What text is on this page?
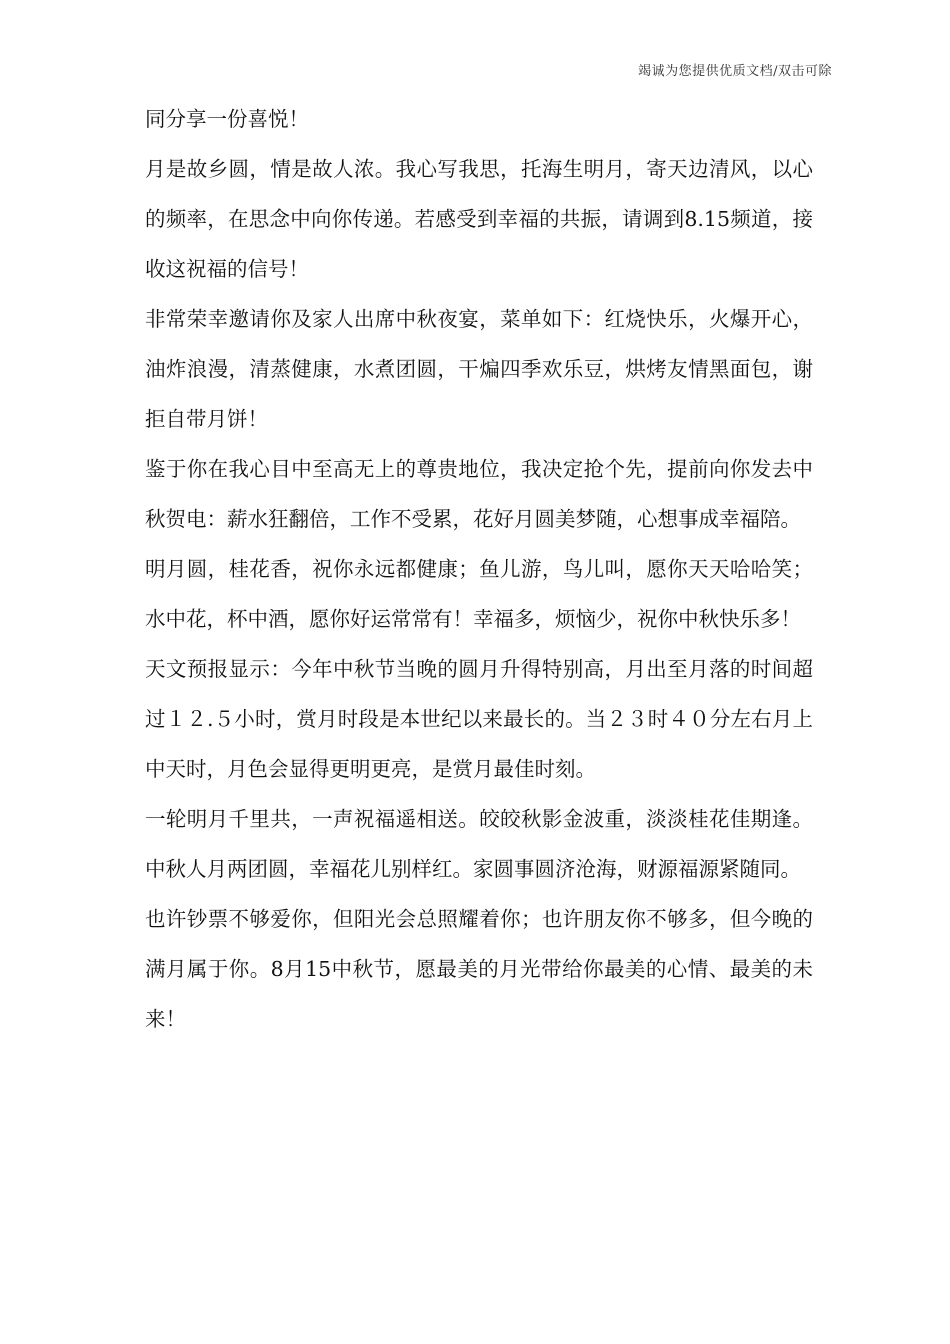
竭诚为您提供优质文档/双击可除

同分享一份喜悦！

月是故乡圆，情是故人浓。我心写我思，托海生明月，寄天边清风，以心的频率，在思念中向你传递。若感受到幸福的共振，请调到8.15频道，接收这祝福的信号！

非常荣幸邀请你及家人出席中秋夜宴，菜单如下：红烧快乐，火爆开心，油炸浪漫，清蒸健康，水煮团圆，干煸四季欢乐豆，烘烤友情黑面包，谢拒自带月饼！

鉴于你在我心目中至高无上的尊贵地位，我决定抢个先，提前向你发去中秋贺电：薪水狂翻倍，工作不受累，花好月圆美梦随，心想事成幸福陪。

明月圆，桂花香，祝你永远都健康；鱼儿游，鸟儿叫，愿你天天哈哈笑；水中花，杯中酒，愿你好运常常有！幸福多，烦恼少，祝你中秋快乐多！

天文预报显示：今年中秋节当晚的圆月升得特别高，月出至月落的时间超过１２.５小时，赏月时段是本世纪以来最长的。当２３时４０分左右月上中天时，月色会显得更明更亮，是赏月最佳时刻。

一轮明月千里共，一声祝福遥相送。皎皎秋影金波重，淡淡桂花佳期逢。中秋人月两团圆，幸福花儿别样红。家圆事圆济沧海，财源福源紧随同。

也许钞票不够爱你，但阳光会总照耀着你；也许朋友你不够多，但今晚的满月属于你。8月15中秋节，愿最美的月光带给你最美的心情、最美的未来！
